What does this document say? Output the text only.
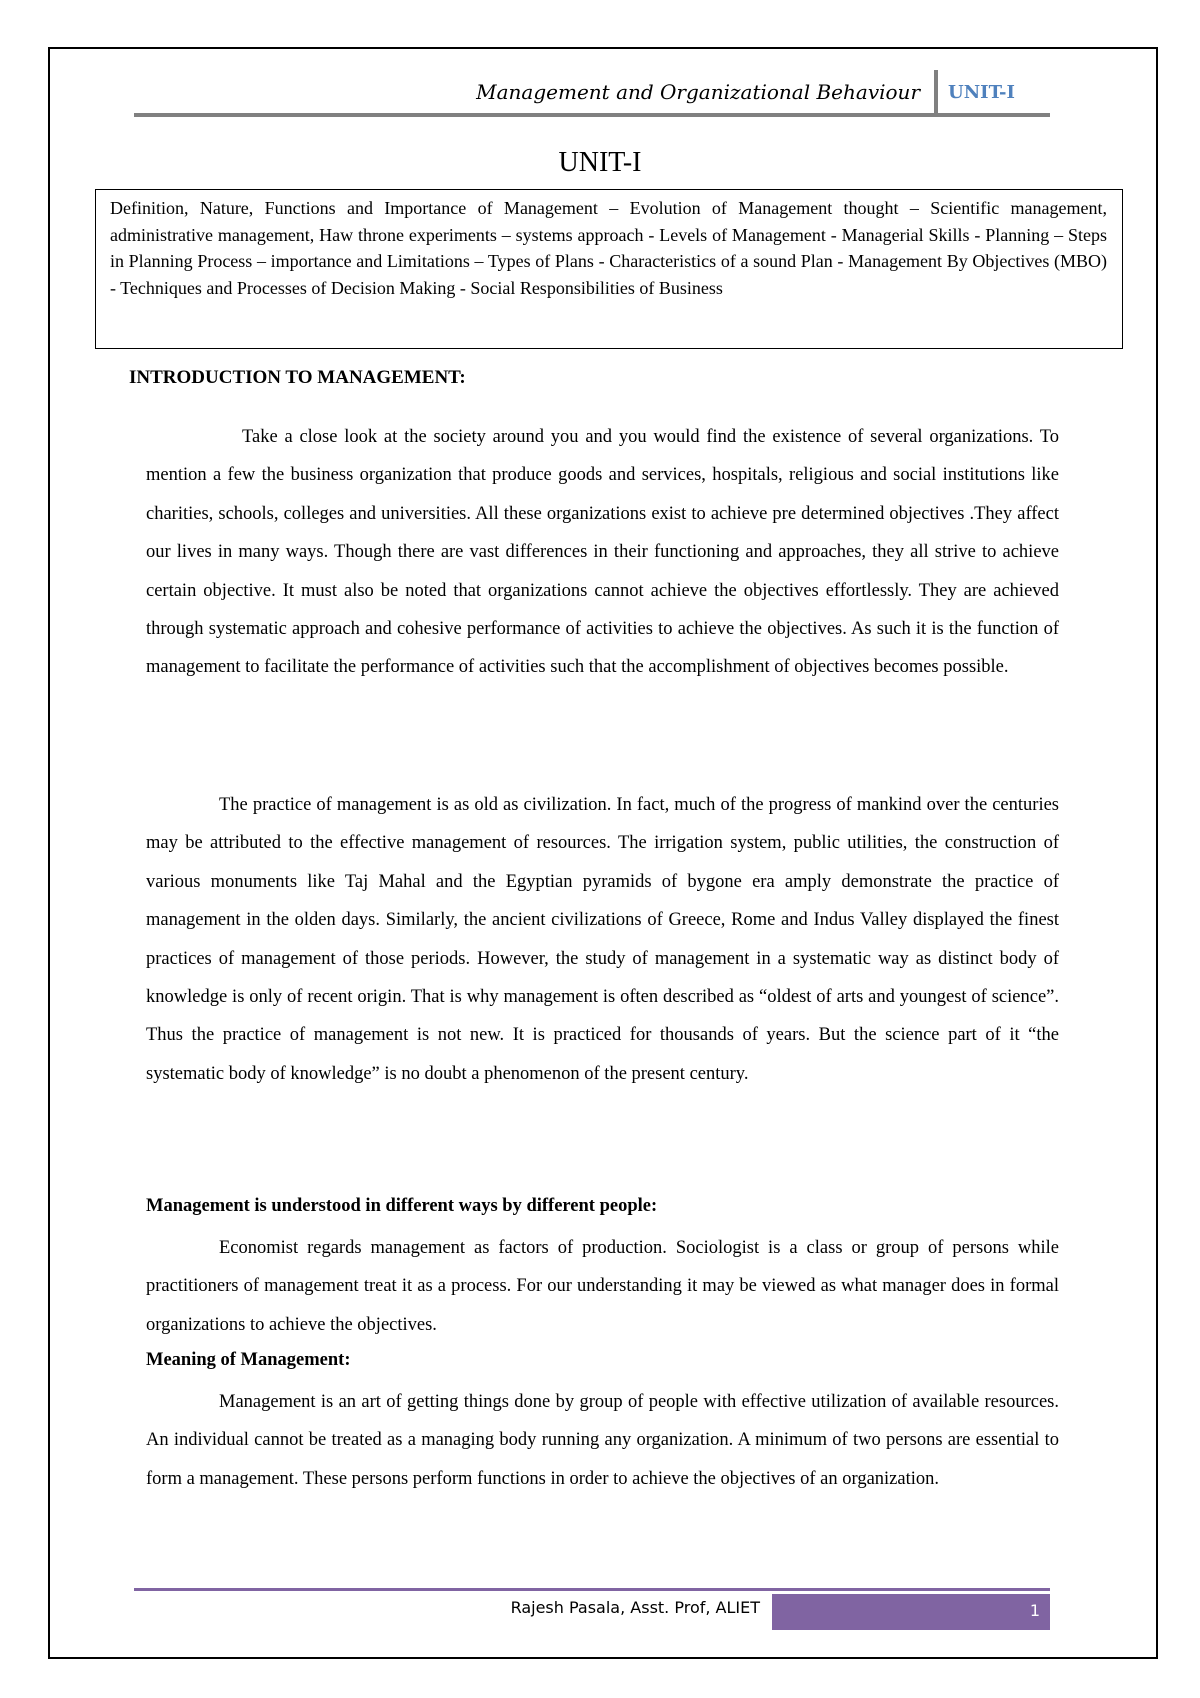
Management and Organizational Behaviour UNIT-I
UNIT-I
Definition, Nature, Functions and Importance of Management – Evolution of Management thought – Scientific management, administrative management, Haw throne experiments – systems approach - Levels of Management - Managerial Skills - Planning – Steps in Planning Process – importance and Limitations – Types of Plans - Characteristics of a sound Plan - Management By Objectives (MBO) - Techniques and Processes of Decision Making - Social Responsibilities of Business
INTRODUCTION TO MANAGEMENT:

Take a close look at the society around you and you would find the existence of several organizations. To mention a few the business organization that produce goods and services, hospitals, religious and social institutions like charities, schools, colleges and universities. All these organizations exist to achieve pre determined objectives .They affect our lives in many ways. Though there are vast differences in their functioning and approaches, they all strive to achieve certain objective. It must also be noted that organizations cannot achieve the objectives effortlessly. They are achieved through systematic approach and cohesive performance of activities to achieve the objectives. As such it is the function of management to facilitate the performance of activities such that the accomplishment of objectives becomes possible.

The practice of management is as old as civilization. In fact, much of the progress of mankind over the centuries may be attributed to the effective management of resources. The irrigation system, public utilities, the construction of various monuments like Taj Mahal and the Egyptian pyramids of bygone era amply demonstrate the practice of management in the olden days. Similarly, the ancient civilizations of Greece, Rome and Indus Valley displayed the finest practices of management of those periods. However, the study of management in a systematic way as distinct body of knowledge is only of recent origin. That is why management is often described as “oldest of arts and youngest of science”. Thus the practice of management is not new. It is practiced for thousands of years. But the science part of it “the systematic body of knowledge” is no doubt a phenomenon of the present century.

Management is understood in different ways by different people:

Economist regards management as factors of production. Sociologist is a class or group of persons while practitioners of management treat it as a process. For our understanding it may be viewed as what manager does in formal organizations to achieve the objectives.

Meaning of Management:

Management is an art of getting things done by group of people with effective utilization of available resources. An individual cannot be treated as a managing body running any organization. A minimum of two persons are essential to form a management. These persons perform functions in order to achieve the objectives of an organization.

Rajesh Pasala, Asst. Prof, ALIET	1
